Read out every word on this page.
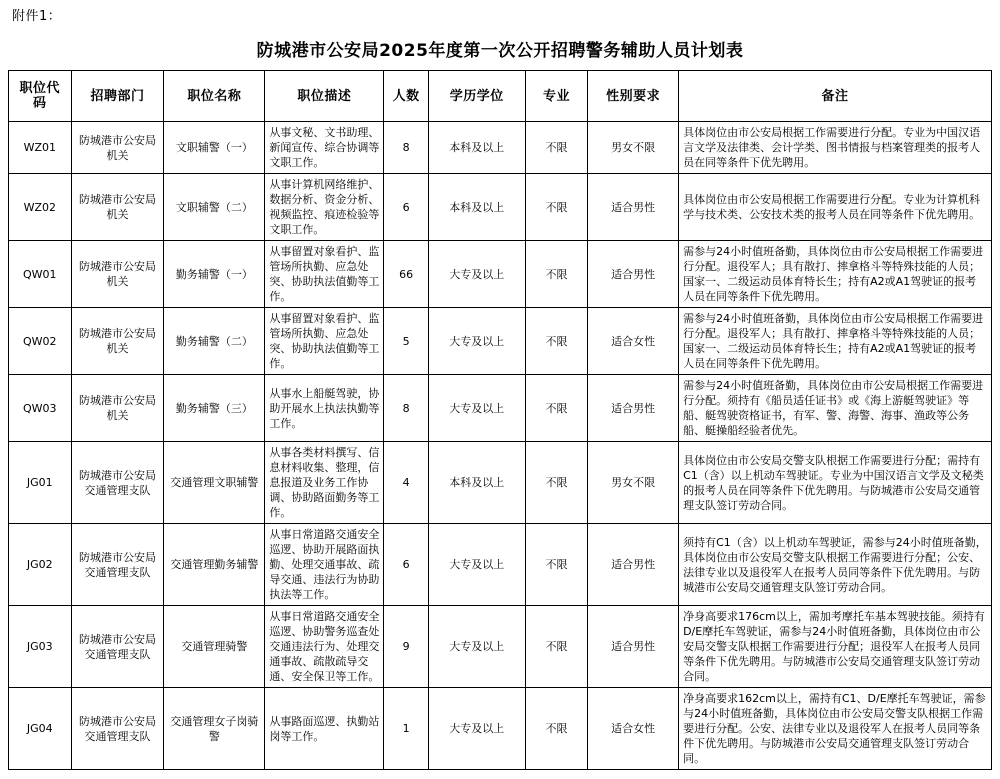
附件1：
防城港市公安局2025年度第一次公开招聘警务辅助人员计划表
职位代码	招聘部门	职位名称	职位描述	人数	学历学位	专业	性别要求	备注
WZ01	防城港市公安局机关	文职辅警（一）	从事文秘、文书助理、新闻宣传、综合协调等文职工作。	8	本科及以上	不限	男女不限	具体岗位由市公安局根据工作需要进行分配。专业为中国汉语言文学及法律类、会计学类、图书情报与档案管理类的报考人员在同等条件下优先聘用。
WZ02	防城港市公安局机关	文职辅警（二）	从事计算机网络维护、数据分析、资金分析、视频监控、痕迹检验等文职工作。	6	本科及以上	不限	适合男性	具体岗位由市公安局根据工作需要进行分配。专业为计算机科学与技术类、公安技术类的报考人员在同等条件下优先聘用。
QW01	防城港市公安局机关	勤务辅警（一）	从事留置对象看护、监管场所执勤、应急处突、协助执法值勤等工作。	66	大专及以上	不限	适合男性	需参与24小时值班备勤，具体岗位由市公安局根据工作需要进行分配。退役军人；具有散打、摔拿格斗等特殊技能的人员；国家一、二级运动员体育特长生；持有A2或A1驾驶证的报考人员在同等条件下优先聘用。
QW02	防城港市公安局机关	勤务辅警（二）	从事留置对象看护、监管场所执勤、应急处突、协助执法值勤等工作。	5	大专及以上	不限	适合女性	需参与24小时值班备勤，具体岗位由市公安局根据工作需要进行分配。退役军人；具有散打、摔拿格斗等特殊技能的人员；国家一、二级运动员体育特长生；持有A2或A1驾驶证的报考人员在同等条件下优先聘用。
QW03	防城港市公安局机关	勤务辅警（三）	从事水上船艇驾驶，协助开展水上执法执勤等工作。	8	大专及以上	不限	适合男性	需参与24小时值班备勤，具体岗位由市公安局根据工作需要进行分配。须持有《船员适任证书》或《海上游艇驾驶证》等船、艇驾驶资格证书，有军、警、海警、海事、渔政等公务船、艇操船经验者优先。
JG01	防城港市公安局交通管理支队	交通管理文职辅警	从事各类材料撰写、信息材料收集、整理，信息报道及业务工作协调、协助路面勤务等工作。	4	本科及以上	不限	男女不限	具体岗位由市公安局交警支队根据工作需要进行分配；需持有C1（含）以上机动车驾驶证。专业为中国汉语言文学及文秘类的报考人员在同等条件下优先聘用。与防城港市公安局交通管理支队签订劳动合同。
JG02	防城港市公安局交通管理支队	交通管理勤务辅警	从事日常道路交通安全巡逻、协助开展路面执勤、处理交通事故、疏导交通、违法行为协助执法等工作。	6	大专及以上	不限	适合男性	须持有C1（含）以上机动车驾驶证，需参与24小时值班备勤，具体岗位由市公安局交警支队根据工作需要进行分配；公安、法律专业以及退役军人在报考人员同等条件下优先聘用。与防城港市公安局交通管理支队签订劳动合同。
JG03	防城港市公安局交通管理支队	交通管理骑警	从事日常道路交通安全巡逻、协助警务巡查处交通违法行为、处理交通事故、疏散疏导交通、安全保卫等工作。	9	大专及以上	不限	适合男性	净身高要求176cm以上，需加考摩托车基本驾驶技能。须持有D/E摩托车驾驶证，需参与24小时值班备勤，具体岗位由市公安局交警支队根据工作需要进行分配；退役军人在报考人员同等条件下优先聘用。与防城港市公安局交通管理支队签订劳动合同。
JG04	防城港市公安局交通管理支队	交通管理女子岗骑警	从事路面巡逻、执勤站岗等工作。	1	大专及以上	不限	适合女性	净身高要求162cm以上，需持有C1、D/E摩托车驾驶证，需参与24小时值班备勤，具体岗位由市公安局交警支队根据工作需要进行分配。公安、法律专业以及退役军人在报考人员同等条件下优先聘用。与防城港市公安局交通管理支队签订劳动合同。
